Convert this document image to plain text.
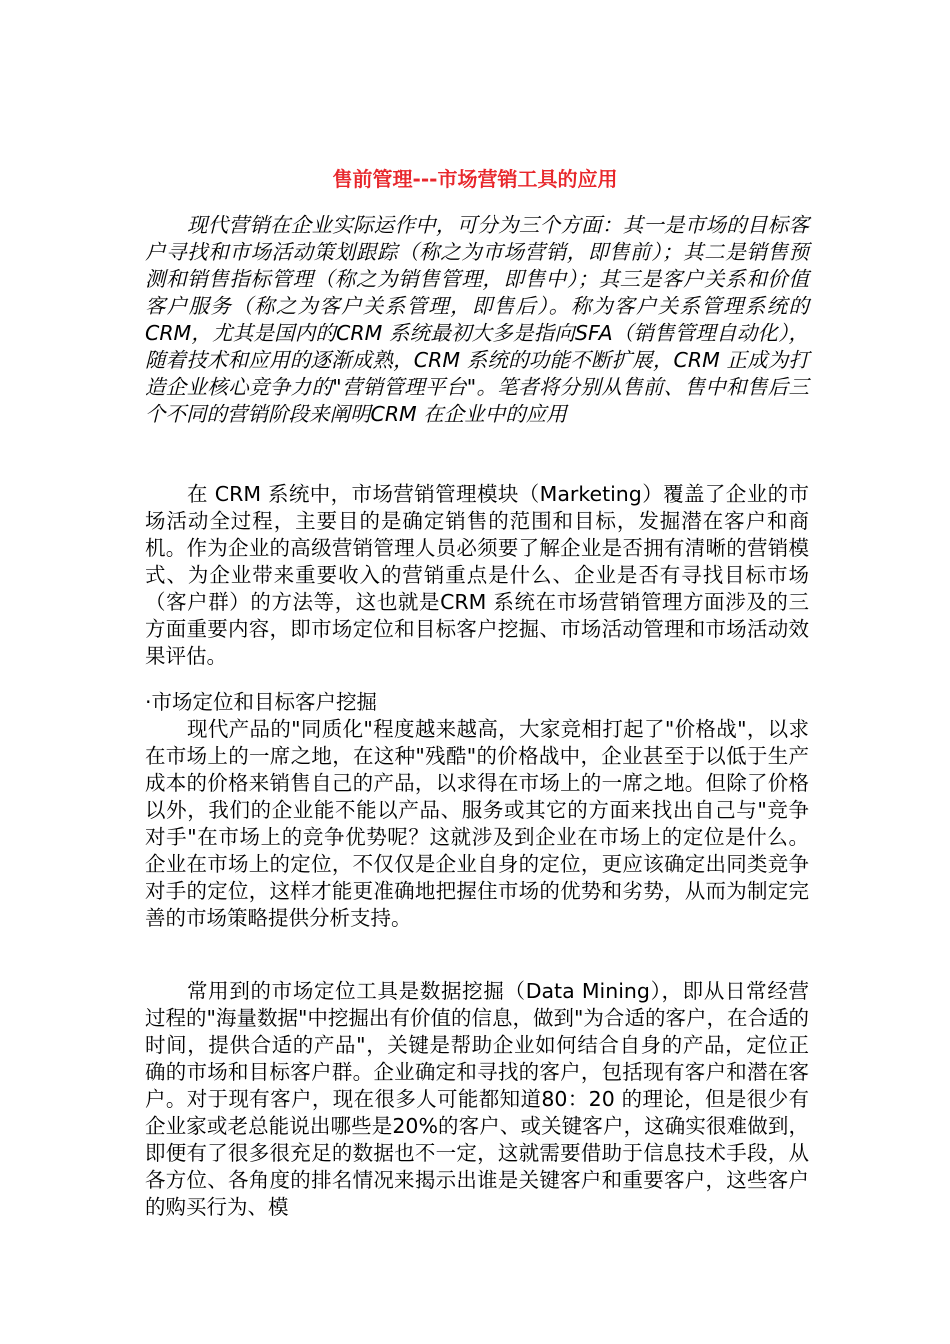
售前管理---市场营销工具的应用

现代营销在企业实际运作中，可分为三个方面：其一是市场的目标客户寻找和市场活动策划跟踪（称之为市场营销，即售前）；其二是销售预测和销售指标管理（称之为销售管理，即售中）；其三是客户关系和价值客户服务（称之为客户关系管理，即售后）。称为客户关系管理系统的CRM，尤其是国内的CRM 系统最初大多是指向SFA（销售管理自动化），随着技术和应用的逐渐成熟，CRM 系统的功能不断扩展，CRM 正成为打造企业核心竞争力的"营销管理平台"。笔者将分别从售前、售中和售后三个不同的营销阶段来阐明CRM 在企业中的应用

在 CRM 系统中，市场营销管理模块（Marketing）覆盖了企业的市场活动全过程，主要目的是确定销售的范围和目标，发掘潜在客户和商机。作为企业的高级营销管理人员必须要了解企业是否拥有清晰的营销模式、为企业带来重要收入的营销重点是什么、企业是否有寻找目标市场（客户群）的方法等，这也就是CRM 系统在市场营销管理方面涉及的三方面重要内容，即市场定位和目标客户挖掘、市场活动管理和市场活动效果评估。

·市场定位和目标客户挖掘

现代产品的"同质化"程度越来越高，大家竞相打起了"价格战"，以求在市场上的一席之地，在这种"残酷"的价格战中，企业甚至于以低于生产成本的价格来销售自己的产品，以求得在市场上的一席之地。但除了价格以外，我们的企业能不能以产品、服务或其它的方面来找出自己与"竞争对手"在市场上的竞争优势呢？这就涉及到企业在市场上的定位是什么。企业在市场上的定位，不仅仅是企业自身的定位，更应该确定出同类竞争对手的定位，这样才能更准确地把握住市场的优势和劣势，从而为制定完善的市场策略提供分析支持。

常用到的市场定位工具是数据挖掘（Data Mining），即从日常经营过程的"海量数据"中挖掘出有价值的信息，做到"为合适的客户，在合适的时间，提供合适的产品"，关键是帮助企业如何结合自身的产品，定位正确的市场和目标客户群。企业确定和寻找的客户，包括现有客户和潜在客户。对于现有客户，现在很多人可能都知道80：20 的理论，但是很少有企业家或老总能说出哪些是20%的客户、或关键客户，这确实很难做到，即便有了很多很充足的数据也不一定，这就需要借助于信息技术手段，从各方位、各角度的排名情况来揭示出谁是关键客户和重要客户，这些客户的购买行为、模
